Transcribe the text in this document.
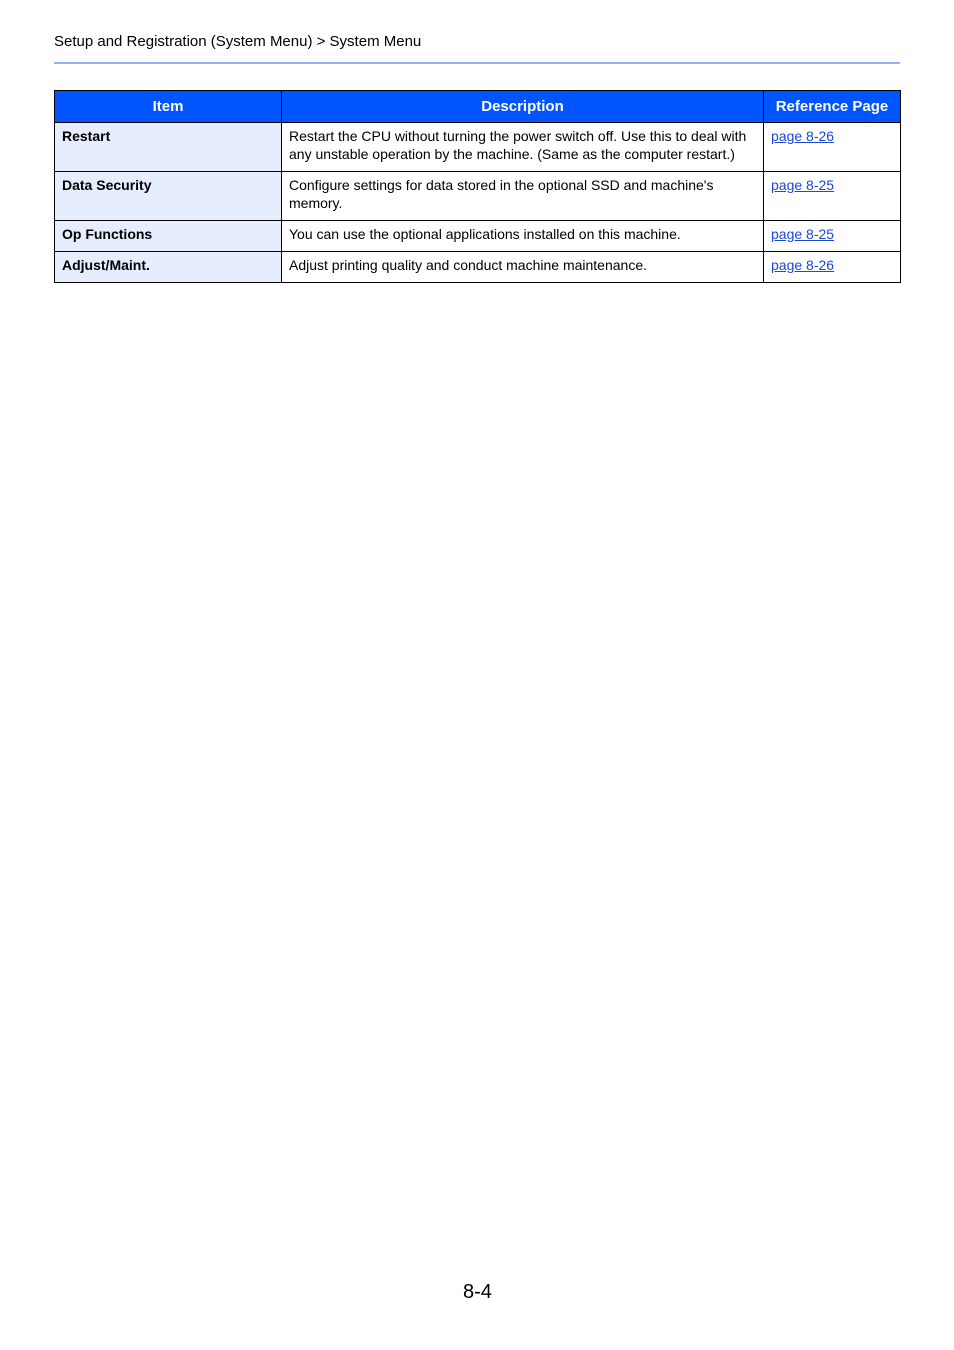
Setup and Registration (System Menu) > System Menu
Item	Description	Reference Page
Restart	Restart the CPU without turning the power switch off. Use this to deal with any unstable operation by the machine. (Same as the computer restart.)	page 8-26
Data Security	Configure settings for data stored in the optional SSD and machine's memory.	page 8-25
Op Functions	You can use the optional applications installed on this machine.	page 8-25
Adjust/Maint.	Adjust printing quality and conduct machine maintenance.	page 8-26
8-4
